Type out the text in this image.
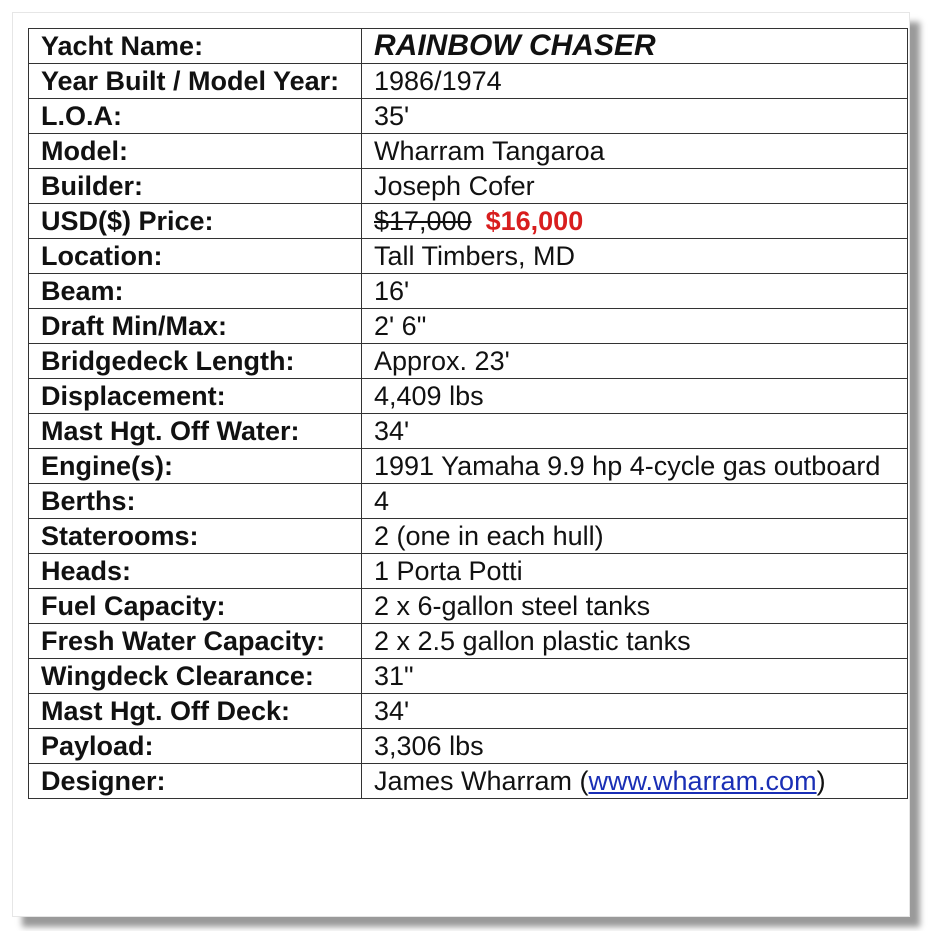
Yacht Name:	RAINBOW CHASER
Year Built / Model Year:	1986/1974
L.O.A:	35'
Model:	Wharram Tangaroa
Builder:	Joseph Cofer
USD($) Price:	$17,000 $16,000
Location:	Tall Timbers, MD
Beam:	16'
Draft Min/Max:	2' 6"
Bridgedeck Length:	Approx. 23'
Displacement:	4,409 lbs
Mast Hgt. Off Water:	34'
Engine(s):	1991 Yamaha 9.9 hp 4-cycle gas outboard
Berths:	4
Staterooms:	2 (one in each hull)
Heads:	1 Porta Potti
Fuel Capacity:	2 x 6-gallon steel tanks
Fresh Water Capacity:	2 x 2.5 gallon plastic tanks
Wingdeck Clearance:	31"
Mast Hgt. Off Deck:	34'
Payload:	3,306 lbs
Designer:	James Wharram (www.wharram.com)
